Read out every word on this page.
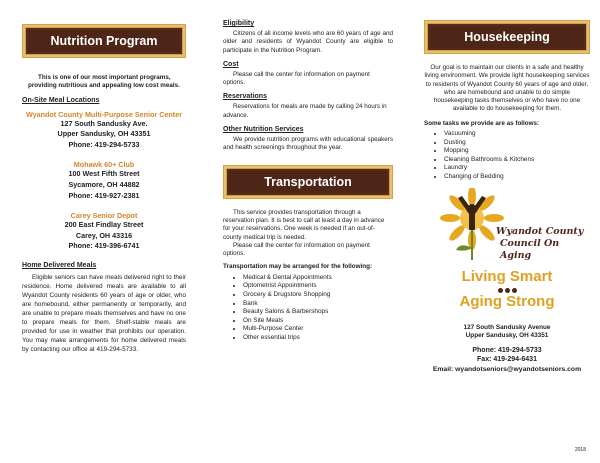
Nutrition Program

This is one of our most important programs, providing nutritious and appealing low cost meals.

On-Site Meal Locations
Wyandot County Multi-Purpose Senior Center
127 South Sandusky Ave.
Upper Sandusky, OH 43351
Phone: 419-294-5733
Mohawk 60+ Club
100 West Fifth Street
Sycamore, OH 44882
Phone: 419-927-2381
Carey Senior Depot
200 East Findlay Street
Carey, OH 43316
Phone: 419-396-6741
Home Delivered Meals

Eligible seniors can have meals delivered right to their residence. Home delivered meals are available to all Wyandot County residents 60 years of age or older, who are homebound, either permanently or temporarily, and are unable to prepare meals themselves and have no one to prepare meals for them. Shelf-stable meals are provided for use in weather that prohibits our operation. You may make arrangements for home delivered meals by contacting our office at 419-294-5733.

Eligibility

Citizens of all income levels who are 60 years of age and older and residents of Wyandot County are eligible to participate in the Nutrition Program.

Cost

Please call the center for information on payment options.

Reservations

Reservations for meals are made by calling 24 hours in advance.

Other Nutrition Services

We provide nutrition programs with educational speakers and health screenings throughout the year.

Transportation

This service provides transportation through a reservation plan. It is best to call at least a day in advance for your reservations. One week is needed if an out-of-county medical trip is needed.

Please call the center for information on payment options.

Transportation may be arranged for the following:

• Medical & Dental Appointments
• Optometrist Appointments
• Grocery & Drugstore Shopping
• Bank
• Beauty Salons & Barbershops
• On Site Meals
• Multi-Purpose Center
• Other essential trips
Housekeeping

Our goal is to maintain our clients in a safe and healthy living environment. We provide light housekeeping services to residents of Wyandot County 60 years of age and older, who are homebound and unable to do simple housekeeping tasks themselves or who have no one available to do housekeeping for them.

Some tasks we provide are as follows:

• Vacuuming
• Dusting
• Mopping
• Cleaning Bathrooms & Kitchens
• Laundry
• Changing of Bedding
Wyandot County
Council On Aging
Living Smart
Aging Strong
127 South Sandusky Avenue
Upper Sandusky, OH 43351
Phone: 419-294-5733
Fax: 419-294-6431
Email: wyandotseniors@wyandotseniors.com
2018
